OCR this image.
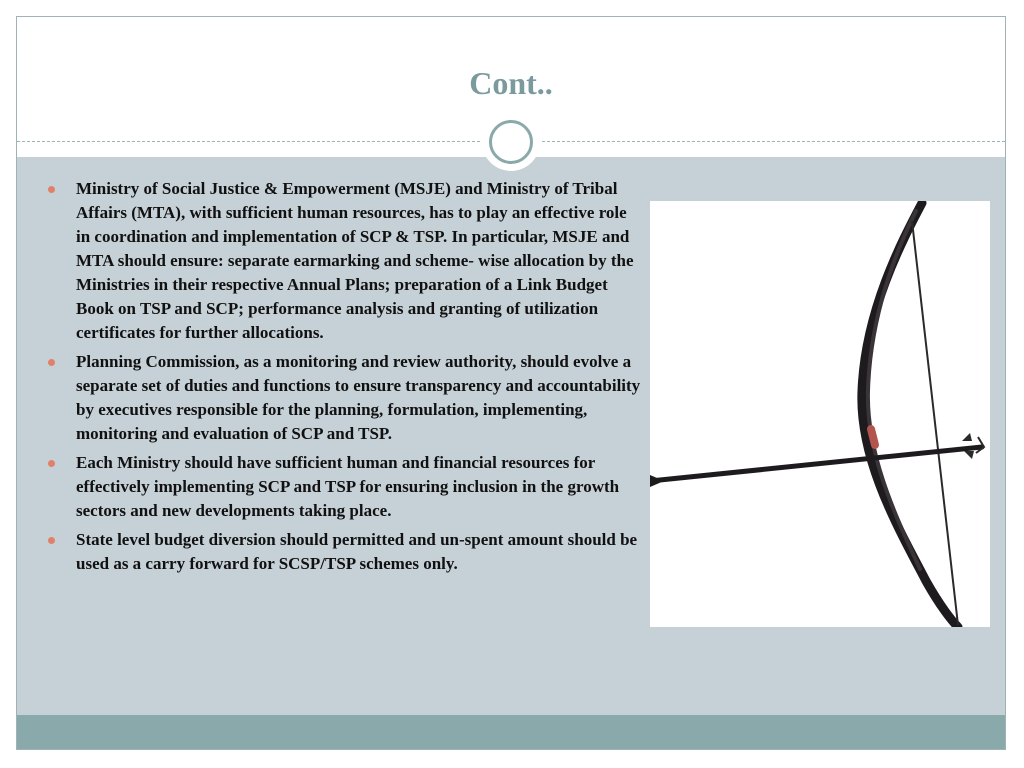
Cont..
Ministry of Social Justice & Empowerment (MSJE) and Ministry of Tribal Affairs (MTA), with sufficient human resources, has to play an effective role in coordination and implementation of SCP & TSP. In particular, MSJE and MTA should ensure: separate earmarking and scheme- wise allocation by the Ministries in their respective Annual Plans; preparation of a Link Budget Book on TSP and SCP; performance analysis and granting of utilization certificates for further allocations.
Planning Commission, as a monitoring and review authority, should evolve a separate set of duties and functions to ensure transparency and accountability by executives responsible for the planning, formulation, implementing, monitoring and evaluation of SCP and TSP.
Each Ministry should have sufficient human and financial resources for effectively implementing SCP and TSP for ensuring inclusion in the growth sectors and new developments taking place.
State level budget diversion should permitted and un-spent amount should be used as a carry forward for SCSP/TSP schemes only.
